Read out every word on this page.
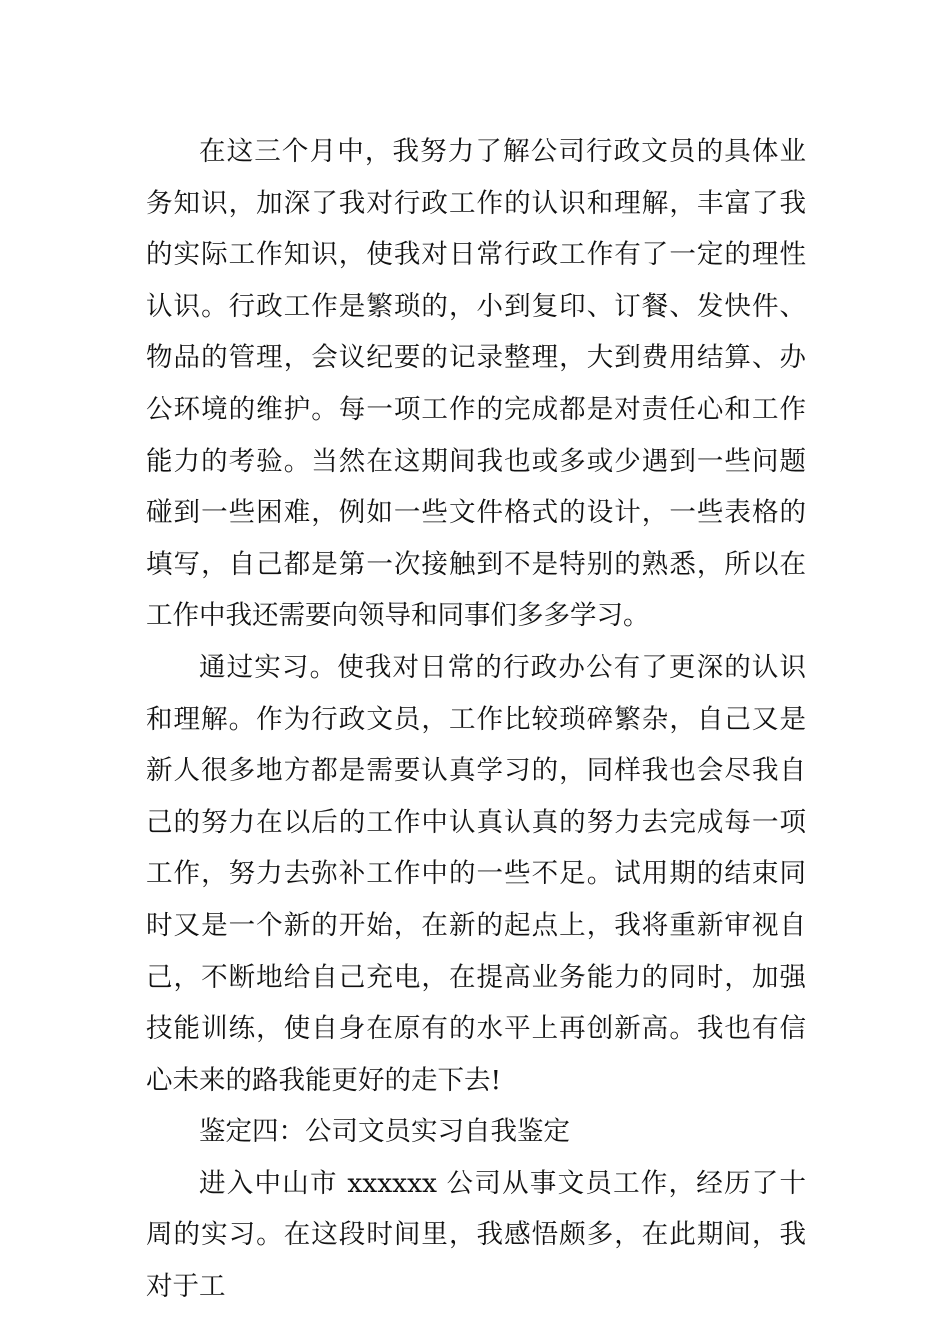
在这三个月中，我努力了解公司行政文员的具体业务知识，加深了我对行政工作的认识和理解，丰富了我的实际工作知识，使我对日常行政工作有了一定的理性认识。行政工作是繁琐的，小到复印、订餐、发快件、物品的管理，会议纪要的记录整理，大到费用结算、办公环境的维护。每一项工作的完成都是对责任心和工作能力的考验。当然在这期间我也或多或少遇到一些问题碰到一些困难，例如一些文件格式的设计，一些表格的填写，自己都是第一次接触到不是特别的熟悉，所以在工作中我还需要向领导和同事们多多学习。

通过实习。使我对日常的行政办公有了更深的认识和理解。作为行政文员，工作比较琐碎繁杂，自己又是新人很多地方都是需要认真学习的，同样我也会尽我自己的努力在以后的工作中认真认真的努力去完成每一项工作，努力去弥补工作中的一些不足。试用期的结束同时又是一个新的开始，在新的起点上，我将重新审视自己，不断地给自己充电，在提高业务能力的同时，加强技能训练，使自身在原有的水平上再创新高。我也有信心未来的路我能更好的走下去!

鉴定四：公司文员实习自我鉴定

进入中山市 xxxxxx 公司从事文员工作，经历了十周的实习。在这段时间里，我感悟颇多，在此期间，我对于工
